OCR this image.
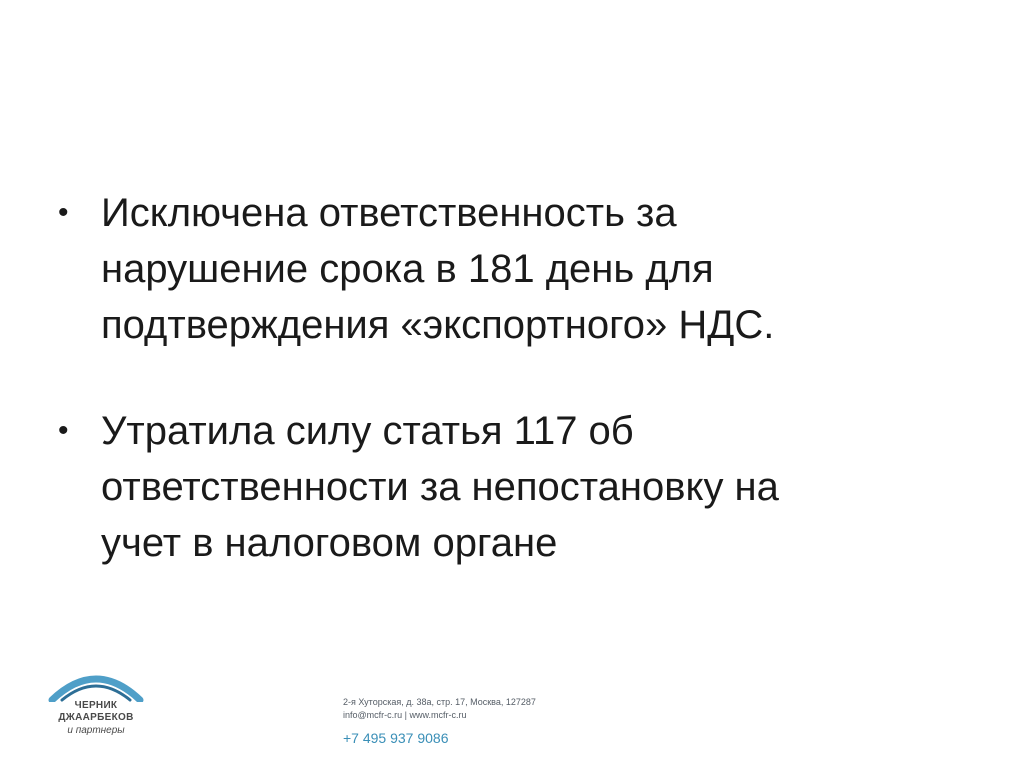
• Исключена ответственность за
нарушение срока в 181 день для
подтверждения «экспортного» НДС.
• Утратила силу статья 117 об
ответственности за непостановку на
учет в налоговом органе
ЧЕРНИК
ДЖААРБЕКОВ
и партнеры
2-я Хуторская, д. 38а, стр. 17, Москва, 127287
info@mcfr-c.ru | www.mcfr-c.ru
+7 495 937 9086
